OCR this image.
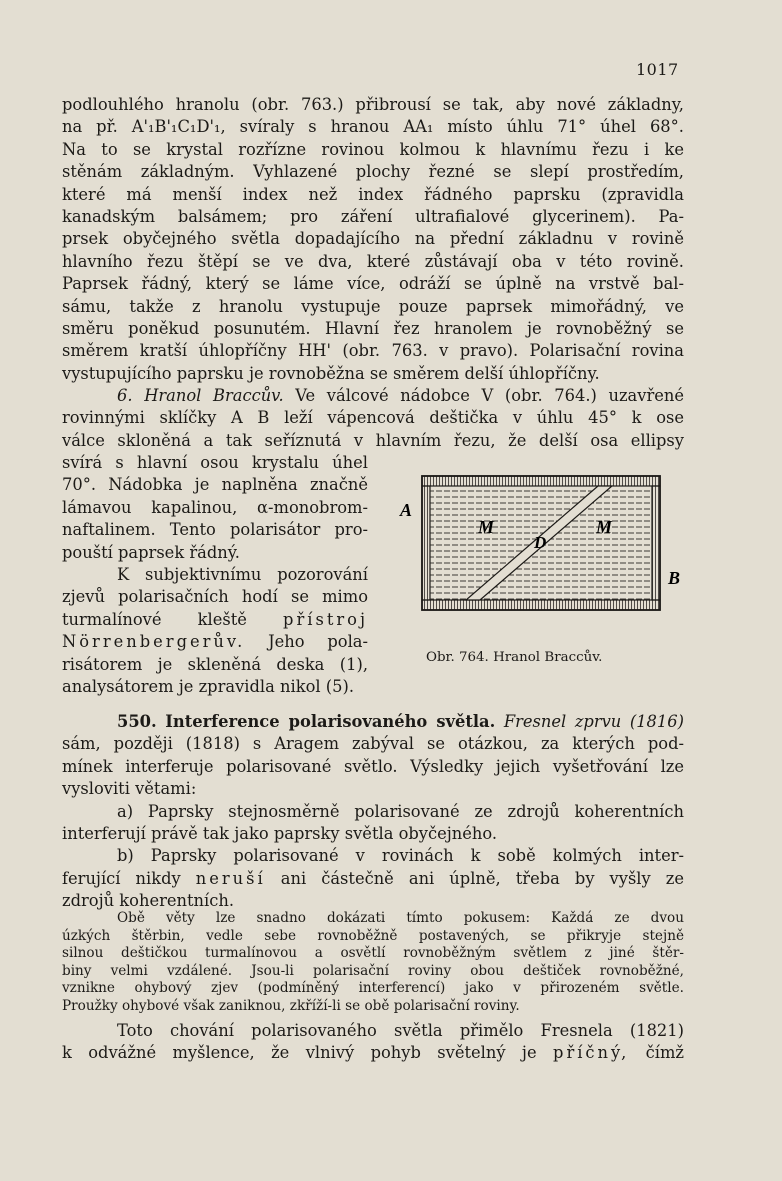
1017
podlouhlého hranolu (obr. 763.) přibrousí se tak, aby nové základny,
na př. A'₁B'₁C₁D'₁, svíraly s hranou AA₁ místo úhlu 71° úhel 68°.
Na to se krystal rozřízne rovinou kolmou k hlavnímu řezu i ke
stěnám základným. Vyhlazené plochy řezné se slepí prostředím,
které má menší index než index řádného paprsku (zpravidla
kanadským balsámem; pro záření ultrafialové glycerinem). Pa-
prsek obyčejného světla dopadajícího na přední základnu v rovině
hlavního řezu štěpí se ve dva, které zůstávají oba v této rovině.
Paprsek řádný, který se láme více, odráží se úplně na vrstvě bal-
sámu, takže z hranolu vystupuje pouze paprsek mimořádný, ve
směru poněkud posunutém. Hlavní řez hranolem je rovnoběžný se
směrem kratší úhlopříčny HH' (obr. 763. v pravo). Polarisační rovina
vystupujícího paprsku je rovnoběžna se směrem delší úhlopříčny.
6. Hranol Braccův. Ve válcové nádobce V (obr. 764.) uzavřené
rovinnými sklíčky A B leží vápencová deštička v úhlu 45° k ose
válce skloněná a tak seříznutá v hlavním řezu, že delší osa ellipsy
svírá s hlavní osou krystalu úhel
70°. Nádobka je naplněna značně
lámavou kapalinou, α-monobrom-
naftalinem. Tento polarisátor pro-
pouští paprsek řádný.
K subjektivnímu pozorování
zjevů polarisačních hodí se mimo
turmalínové kleště přístroj
Nörrenbergerův. Jeho pola-
risátorem je skleněná deska (1),
analysátorem je zpravidla nikol (5).
A
B
M	M
D
Obr. 764. Hranol Braccův.
550. Interference polarisovaného světla. Fresnel zprvu (1816)
sám, později (1818) s Aragem zabýval se otázkou, za kterých pod-
mínek interferuje polarisované světlo. Výsledky jejich vyšetřování lze
vysloviti větami:
a) Paprsky stejnosměrně polarisované ze zdrojů koherentních
interferují právě tak jako paprsky světla obyčejného.
b) Paprsky polarisované v rovinách k sobě kolmých inter-
ferující nikdy neruší ani částečně ani úplně, třeba by vyšly ze
zdrojů koherentních.
Obě věty lze snadno dokázati tímto pokusem: Každá ze dvou
úzkých štěrbin, vedle sebe rovnoběžně postavených, se přikryje stejně
silnou deštičkou turmalínovou a osvětlí rovnoběžným světlem z jiné štěr-
biny velmi vzdálené. Jsou-li polarisační roviny obou deštiček rovnoběžné,
vznikne ohybový zjev (podmíněný interferencí) jako v přirozeném světle.
Proužky ohybové však zaniknou, zkříží-li se obě polarisační roviny.
Toto chování polarisovaného světla přimělo Fresnela (1821)
k odvážné myšlence, že vlnivý pohyb světelný je příčný, čímž
